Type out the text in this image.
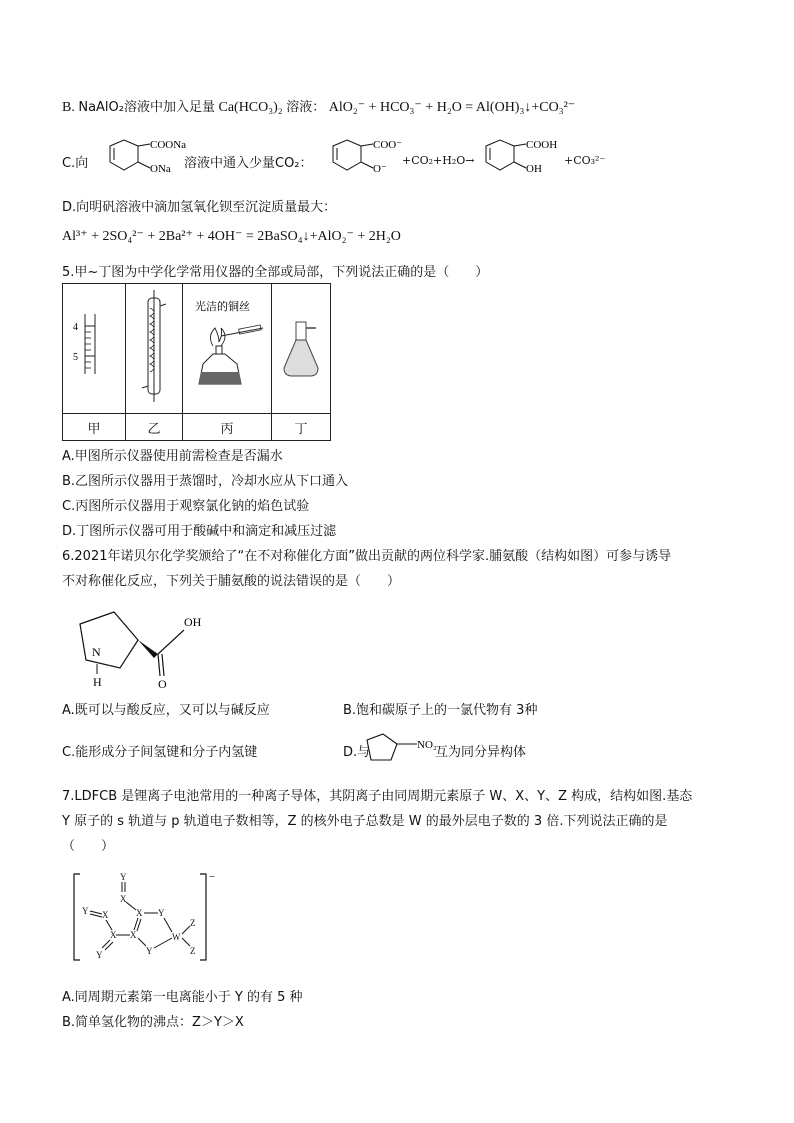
B. NaAlO₂溶液中加入足量 Ca(HCO₃)₂ 溶液： AlO₂⁻ + HCO₃⁻ + H₂O = Al(OH)₃↓+CO₃²⁻
C.向
COONa
ONa 溶液中通入少量CO₂：
COO⁻
O⁻
+CO₂+H₂O→
COOH
OH
+CO₃²⁻
D.向明矾溶液中滴加氢氧化钡至沉淀质量最大：
Al³⁺ + 2SO₄²⁻ + 2Ba²⁺ + 4OH⁻ = 2BaSO₄↓+AlO₂⁻ + 2H₂O
5.甲~丁图为中学化学常用仪器的全部或局部，下列说法正确的是（　　）
4
5		光洁的铜丝

甲	乙	丙	丁
A.甲图所示仪器使用前需检查是否漏水
B.乙图所示仪器用于蒸馏时，冷却水应从下口通入
C.丙图所示仪器用于观察氯化钠的焰色试验
D.丁图所示仪器可用于酸碱中和滴定和减压过滤
6.2021年诺贝尔化学奖颁给了“在不对称催化方面”做出贡献的两位科学家.脯氨酸（结构如图）可参与诱导
不对称催化反应，下列关于脯氨酸的说法错误的是（　　）
OH
N
H	O
A.既可以与酸反应，又可以与碱反应	B.饱和碳原子上的一氯代物有 3种
C.能形成分子间氢键和分子内氢键	D.与	NO₂
互为同分异构体
7.LDFCB 是锂离子电池常用的一种离子导体，其阴离子由同周期元素原子 W、X、Y、Z 构成，结构如图.基态
Y 原子的 s 轨道与 p 轨道电子数相等，Z 的核外电子总数是 W 的最外层电子数的 3 倍.下列说法正确的是
（　　）
−
Y
X
Y X	X Y
W
Z
Z
X X
Y
Y
A.同周期元素第一电离能小于 Y 的有 5 种
B.简单氢化物的沸点：Z＞Y＞X
